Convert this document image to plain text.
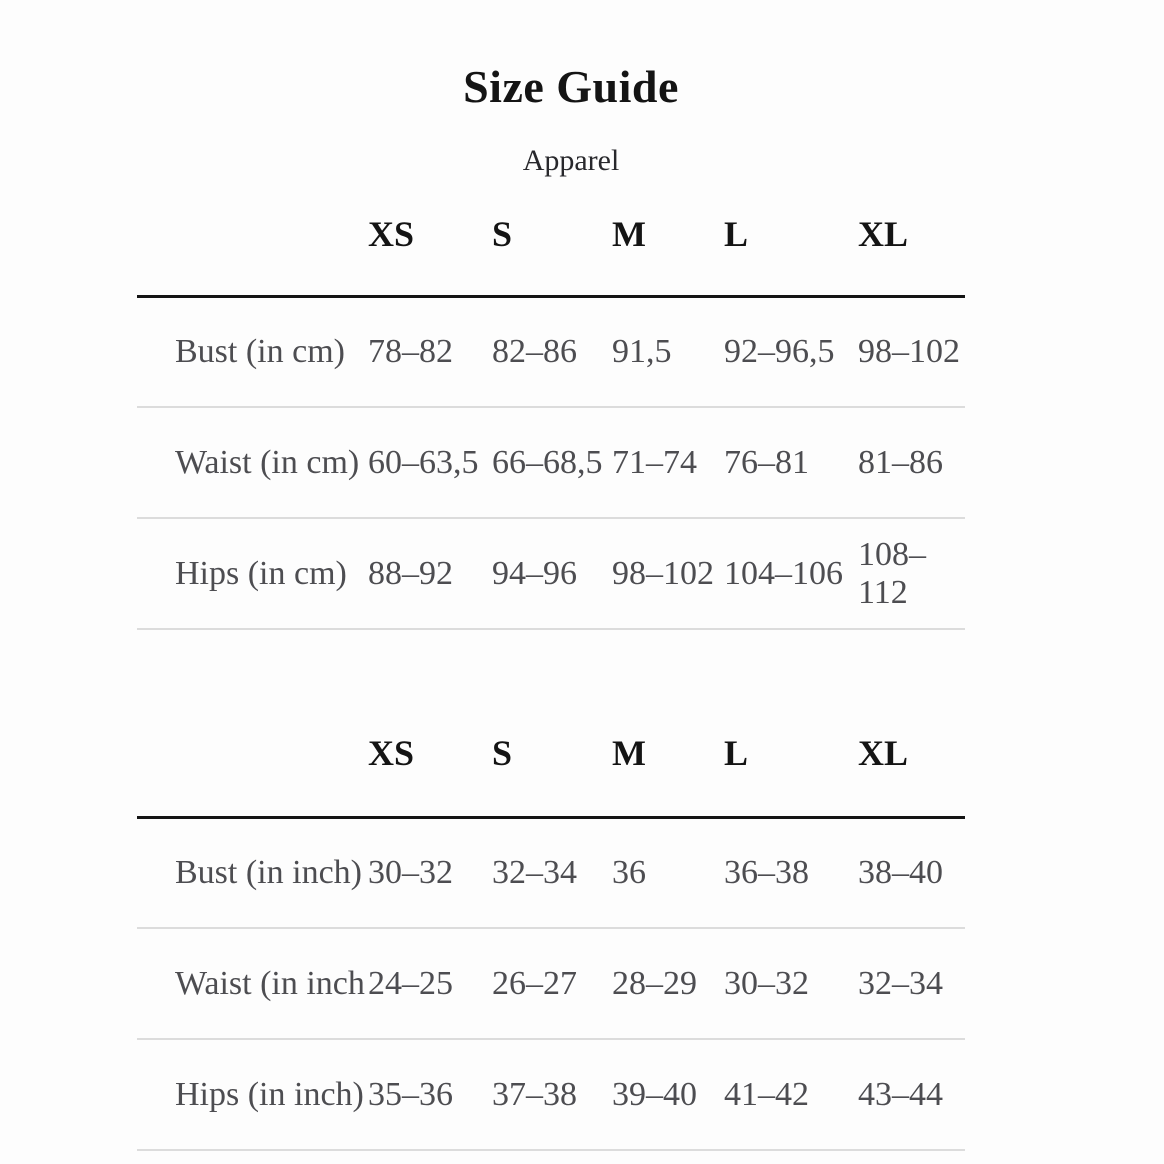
Size Guide
Apparel
	XS	S	M	L	XL

Bust (in cm)	78–82	82–86	91,5	92–96,5	98–102

Waist (in cm)	60–63,5	66–68,5	71–74	76–81	81–86

Hips (in cm)	88–92	94–96	98–102	104–106	108–112
	XS	S	M	L	XL

Bust (in inch)	30–32	32–34	36	36–38	38–40

Waist (in inch	24–25	26–27	28–29	30–32	32–34

Hips (in inch)	35–36	37–38	39–40	41–42	43–44
